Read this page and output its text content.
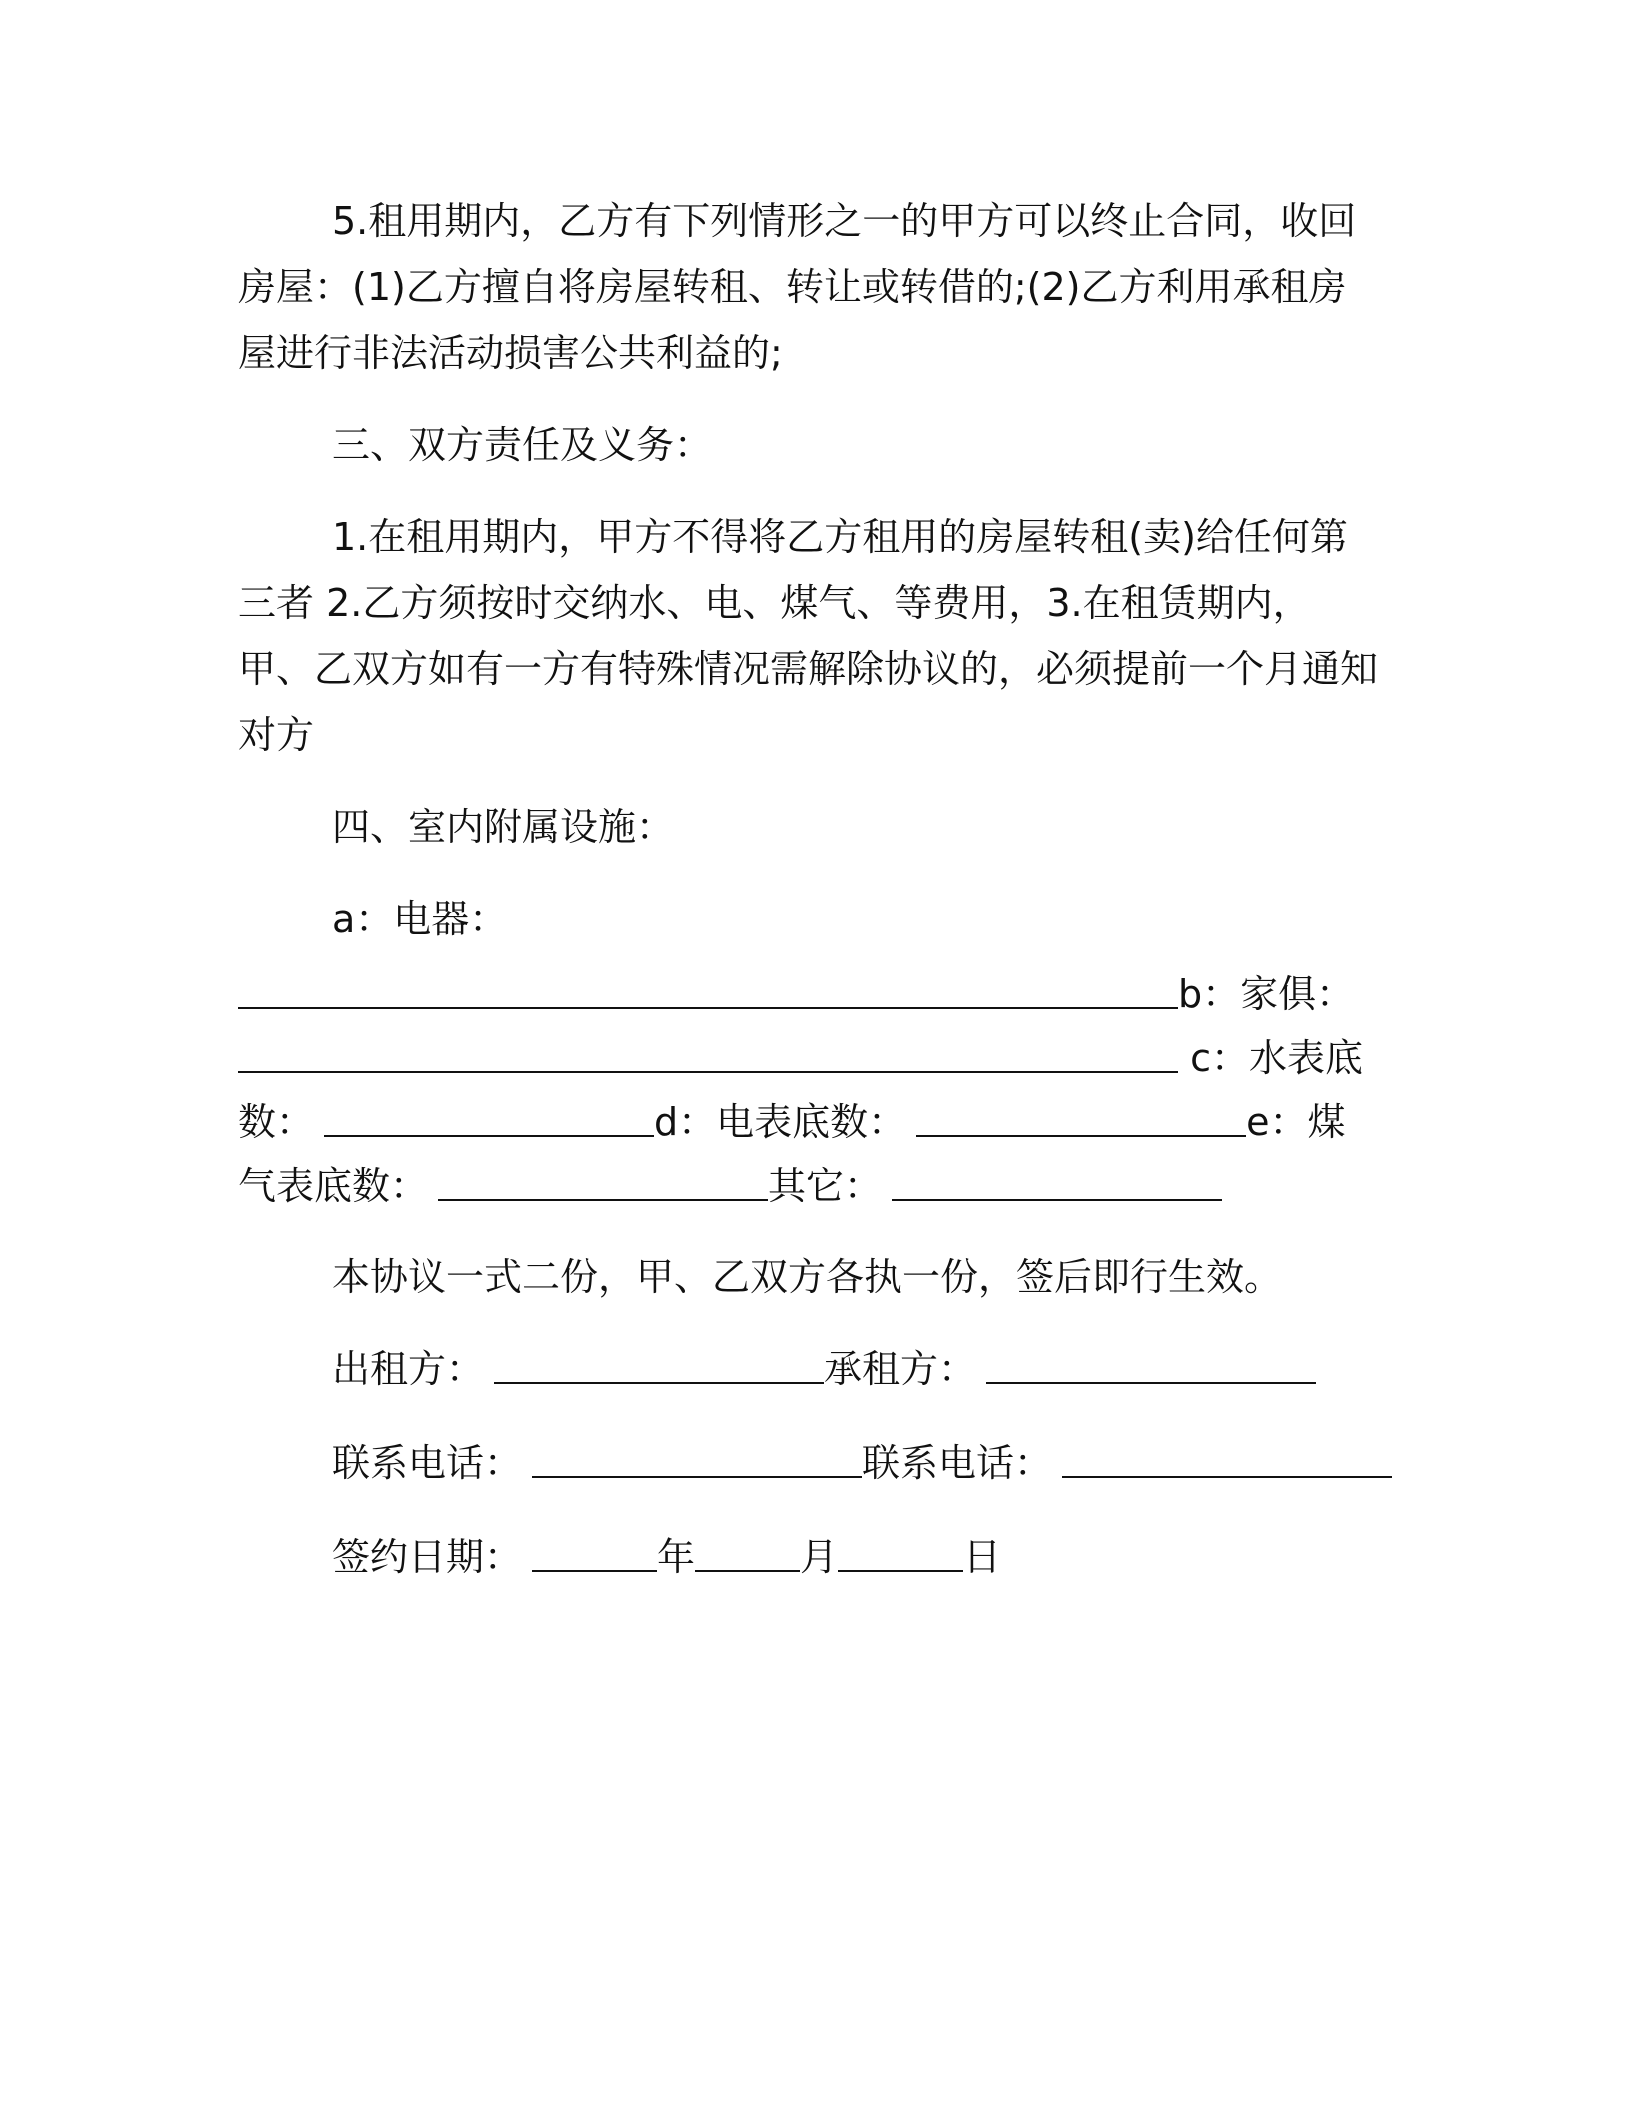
5.租用期内，乙方有下列情形之一的甲方可以终止合同，收回房屋：(1)乙方擅自将房屋转租、转让或转借的;(2)乙方利用承租房屋进行非法活动损害公共利益的;

三、双方责任及义务：

1.在租用期内，甲方不得将乙方租用的房屋转租(卖)给任何第三者 2.乙方须按时交纳水、电、煤气、等费用，3.在租赁期内，甲、乙双方如有一方有特殊情况需解除协议的，必须提前一个月通知对方

四、室内附属设施：

a：电器：

b：家俱： c：水表底数：	d：电表底数：	e：煤气表底数：	其它：

本协议一式二份，甲、乙双方各执一份，签后即行生效。

出租方：	承租方：
联系电话：	联系电话：
签约日期：	年	月	日
